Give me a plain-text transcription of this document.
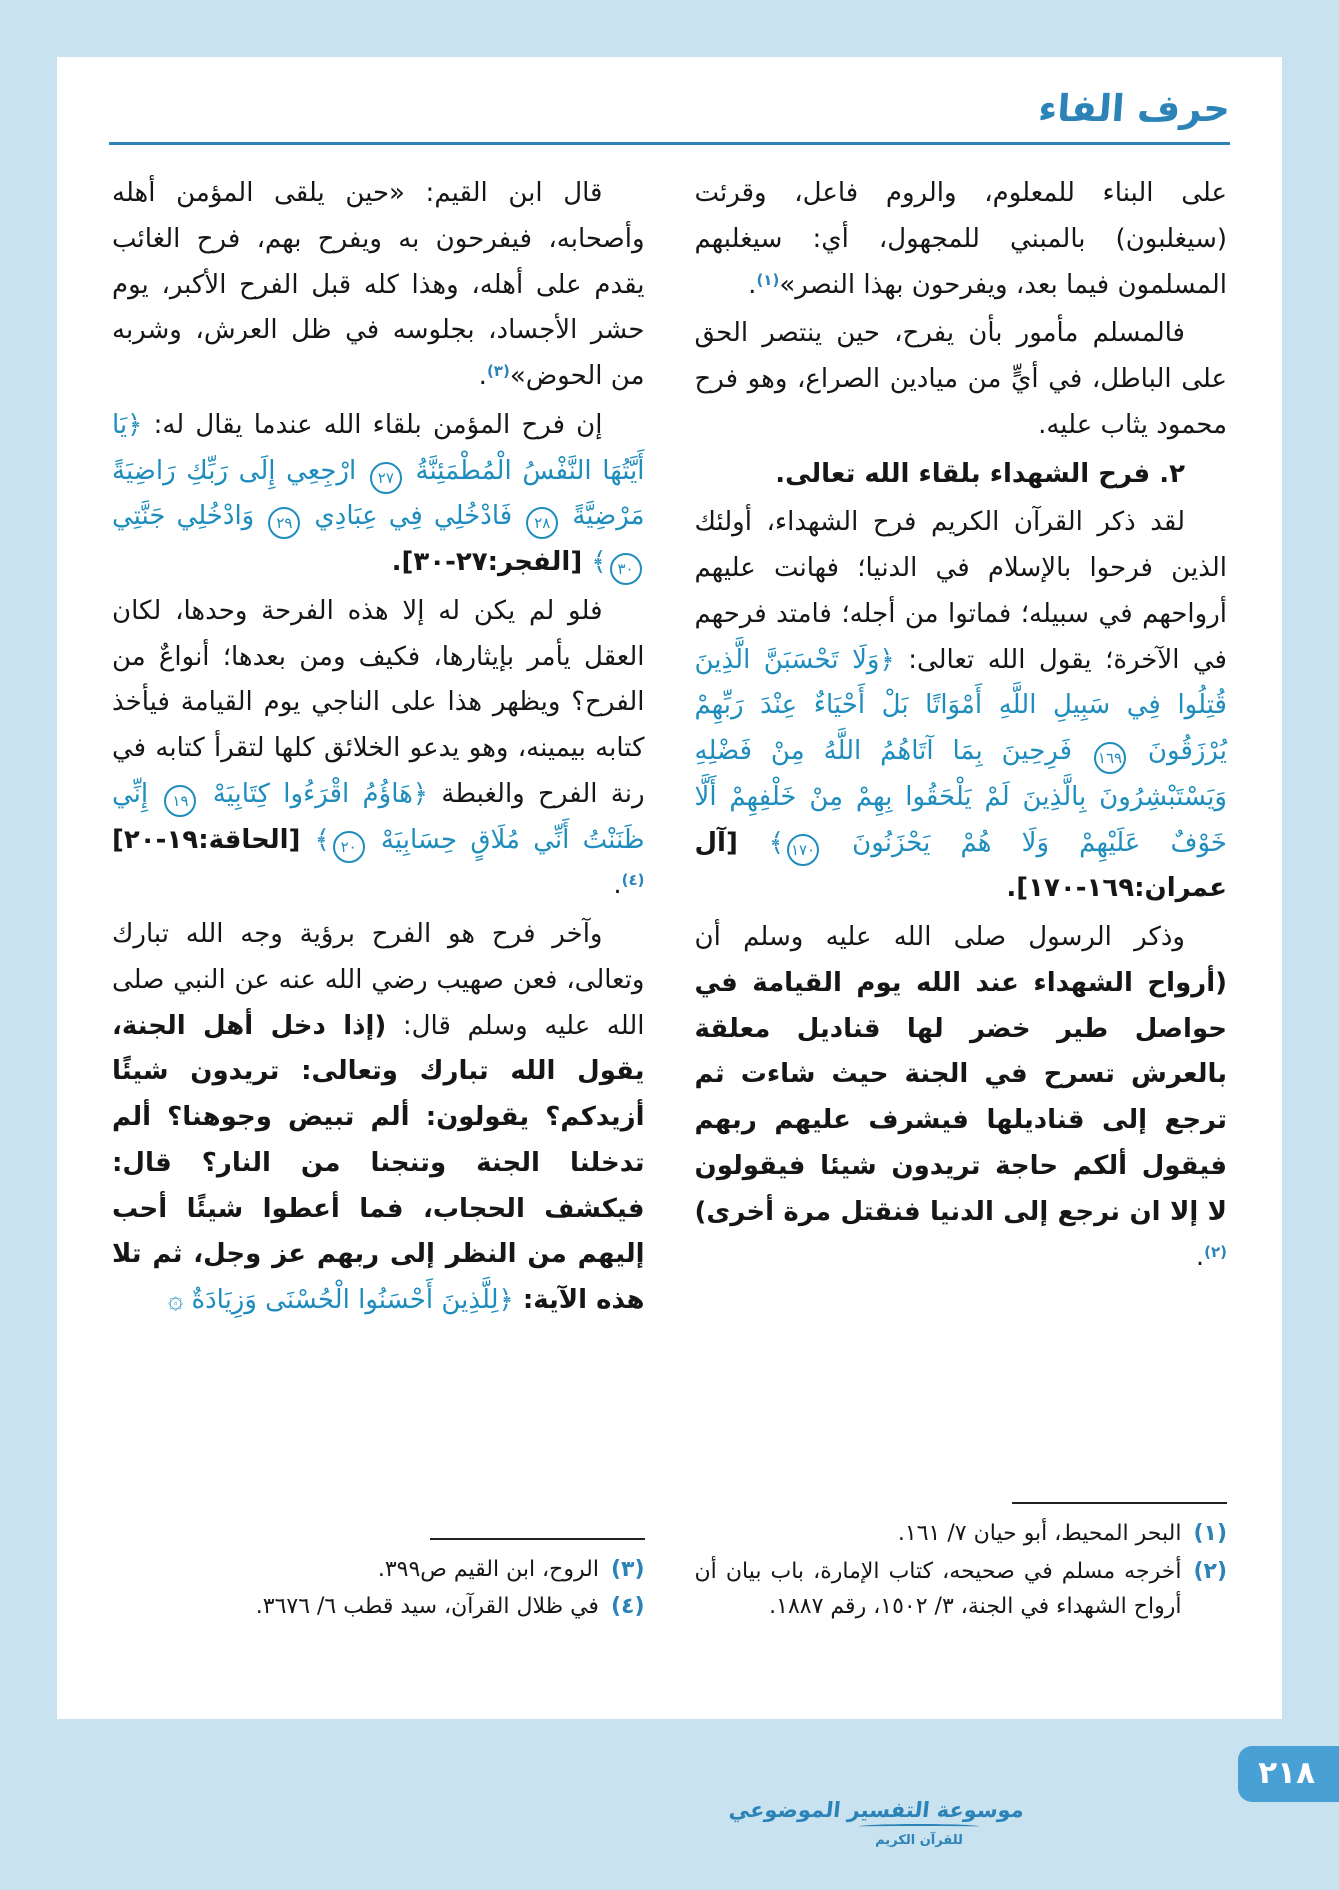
حرف الفاء

على البناء للمعلوم، والروم فاعل، وقرئت (سيغلبون) بالمبني للمجهول، أي: سيغلبهم المسلمون فيما بعد، ويفرحون بهذا النصر»$^{(١)}$.

فالمسلم مأمور بأن يفرح، حين ينتصر الحق على الباطل، في أيٍّ من ميادين الصراع، وهو فرح محمود يثاب عليه.

٢. فرح الشهداء بلقاء الله تعالى.

لقد ذكر القرآن الكريم فرح الشهداء، أولئك الذين فرحوا بالإسلام في الدنيا؛ فهانت عليهم أرواحهم في سبيله؛ فماتوا من أجله؛ فامتد فرحهم في الآخرة؛ يقول الله تعالى: ﴿وَلَا تَحْسَبَنَّ الَّذِينَ قُتِلُوا فِي سَبِيلِ اللَّهِ أَمْوَاتًا بَلْ أَحْيَاءٌ عِنْدَ رَبِّهِمْ يُرْزَقُونَ ١٦٩ فَرِحِينَ بِمَا آتَاهُمُ اللَّهُ مِنْ فَضْلِهِ وَيَسْتَبْشِرُونَ بِالَّذِينَ لَمْ يَلْحَقُوا بِهِمْ مِنْ خَلْفِهِمْ أَلَّا خَوْفٌ عَلَيْهِمْ وَلَا هُمْ يَحْزَنُونَ ١٧٠﴾ [آل عمران:١٦٩-١٧٠].

وذكر الرسول صلى الله عليه وسلم أن (أرواح الشهداء عند الله يوم القيامة في حواصل طير خضر لها قناديل معلقة بالعرش تسرح في الجنة حيث شاءت ثم ترجع إلى قناديلها فيشرف عليهم ربهم فيقول ألكم حاجة تريدون شيئا فيقولون لا إلا ان نرجع إلى الدنيا فنقتل مرة أخرى)$^{(٢)}$.

(١)
البحر المحيط، أبو حيان ٧/ ١٦١.
(٢)
أخرجه مسلم في صحيحه، كتاب الإمارة، باب بيان أن أرواح الشهداء في الجنة، ٣/ ١٥٠٢، رقم ١٨٨٧.

قال ابن القيم: «حين يلقى المؤمن أهله وأصحابه، فيفرحون به ويفرح بهم، فرح الغائب يقدم على أهله، وهذا كله قبل الفرح الأكبر، يوم حشر الأجساد، بجلوسه في ظل العرش، وشربه من الحوض»$^{(٣)}$.

إن فرح المؤمن بلقاء الله عندما يقال له: ﴿يَا أَيَّتُهَا النَّفْسُ الْمُطْمَئِنَّةُ ٢٧ ارْجِعِي إِلَى رَبِّكِ رَاضِيَةً مَرْضِيَّةً ٢٨ فَادْخُلِي فِي عِبَادِي ٢٩ وَادْخُلِي جَنَّتِي ٣٠﴾ [الفجر:٢٧-٣٠].

فلو لم يكن له إلا هذه الفرحة وحدها، لكان العقل يأمر بإيثارها، فكيف ومن بعدها؛ أنواعٌ من الفرح؟ ويظهر هذا على الناجي يوم القيامة فيأخذ كتابه بيمينه، وهو يدعو الخلائق كلها لتقرأ كتابه في رنة الفرح والغبطة ﴿هَاؤُمُ اقْرَءُوا كِتَابِيَهْ ١٩ إِنِّي ظَنَنْتُ أَنِّي مُلَاقٍ حِسَابِيَهْ ٢٠﴾ [الحاقة:١٩-٢٠]$^{(٤)}$.

وآخر فرح هو الفرح برؤية وجه الله تبارك وتعالى، فعن صهيب رضي الله عنه عن النبي صلى الله عليه وسلم قال: (إذا دخل أهل الجنة، يقول الله تبارك وتعالى: تريدون شيئًا أزيدكم؟ يقولون: ألم تبيض وجوهنا؟ ألم تدخلنا الجنة وتنجنا من النار؟ قال: فيكشف الحجاب، فما أعطوا شيئًا أحب إليهم من النظر إلى ربهم عز وجل، ثم تلا هذه الآية: ﴿لِلَّذِينَ أَحْسَنُوا الْحُسْنَى وَزِيَادَةٌ ۞

(٣)
الروح، ابن القيم ص٣٩٩.
(٤)
في ظلال القرآن، سيد قطب ٦/ ٣٦٧٦.
موسوعة التفسير الموضوعي
للقرآن الكريم
٢١٨
